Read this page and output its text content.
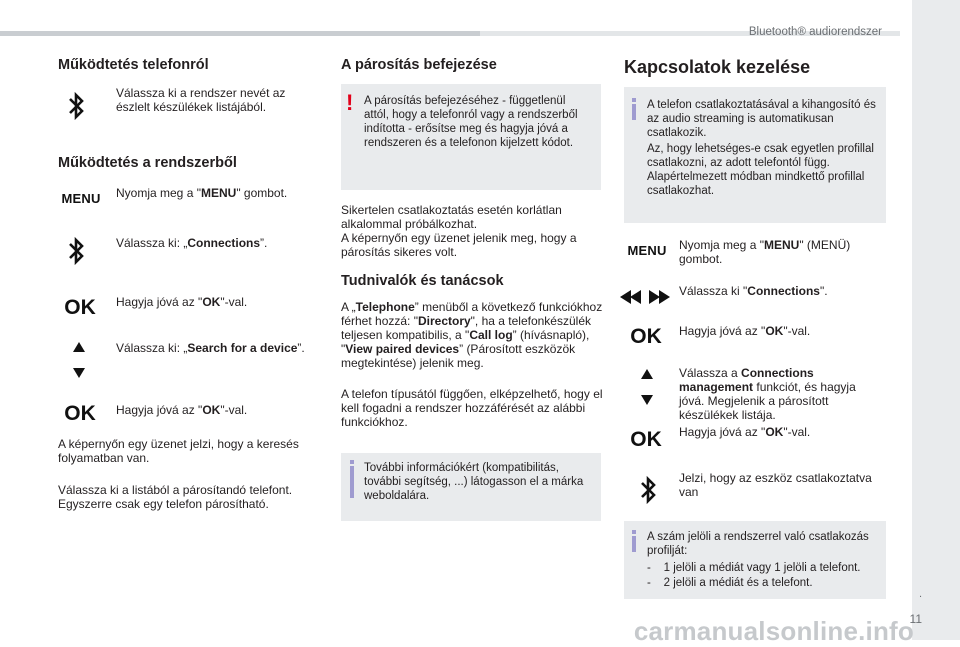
Bluetooth® audiorendszer
.
11
carmanualsonline.info
Működtetés telefonról
Válassza ki a rendszer nevét az észlelt készülékek listájából.
Működtetés a rendszerből
MENU Nyomja meg a "MENU" gombot.
Válassza ki: „Connections”.
OK	Hagyja jóvá az "OK"-val.
Válassza ki: „Search for a device”.
OK	Hagyja jóvá az "OK"-val.
A képernyőn egy üzenet jelzi, hogy a keresés folyamatban van.
Válassza ki a listából a párosítandó telefont. Egyszerre csak egy telefon párosítható.
A párosítás befejezése
! A párosítás befejezéséhez - függetlenül attól, hogy a telefonról vagy a rendszerből indította - erősítse meg és hagyja jóvá a rendszeren és a telefonon kijelzett kódot.
Sikertelen csatlakoztatás esetén korlátlan alkalommal próbálkozhat.
A képernyőn egy üzenet jelenik meg, hogy a párosítás sikeres volt.
Tudnivalók és tanácsok
A „Telephone” menüből a következő funkciókhoz férhet hozzá: "Directory", ha a telefonkészülék teljesen kompatibilis, a "Call log” (hívásnapló), "View paired devices” (Párosított eszközök megtekintése) jelenik meg.
A telefon típusától függően, elképzelhető, hogy el kell fogadni a rendszer hozzáférését az alábbi funkciókhoz.
További információkért (kompatibilitás, további segítség, ...) látogasson el a márka weboldalára.
Kapcsolatok kezelése
A telefon csatlakoztatásával a kihangosító és az audio streaming is automatikusan csatlakozik.
Az, hogy lehetséges-e csak egyetlen profillal csatlakozni, az adott telefontól függ. Alapértelmezett módban mindkettő profillal csatlakozhat.
MENU Nyomja meg a "MENU" (MENÜ) gombot.
Válassza ki "Connections".
OK	Hagyja jóvá az "OK"-val.
Válassza a Connections management funkciót, és hagyja jóvá. Megjelenik a párosított készülékek listája.
OK	Hagyja jóvá az "OK"-val.
Jelzi, hogy az eszköz csatlakoztatva van
A szám jelöli a rendszerrel való csatlakozás profilját:
-    1 jelöli a médiát vagy 1 jelöli a telefont.
-    2 jelöli a médiát és a telefont.
